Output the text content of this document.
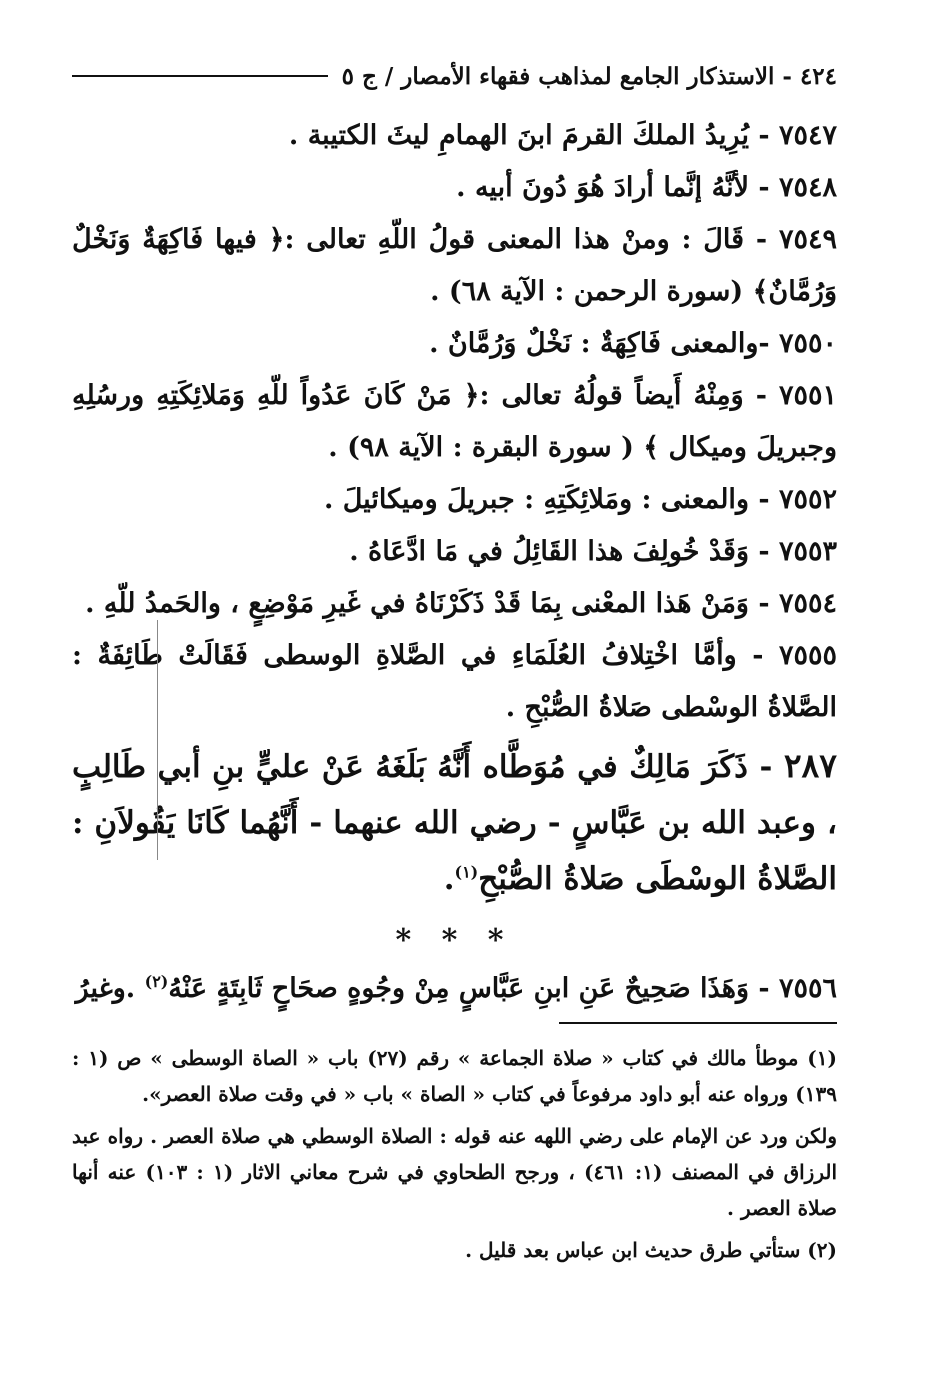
٤٢٤ - الاستذكار الجامع لمذاهب فقهاء الأمصار / ج ٥

٧٥٤٧ - يُرِيدُ الملكَ القرمَ ابنَ الهمامِ ليثَ الكتيبة .

٧٥٤٨ - لأنَّهُ إنَّما أرادَ هُوَ دُونَ أبيه .

٧٥٤٩ - قَالَ : ومنْ هذا المعنى قولُ اللّهِ تعالى :﴿ فيها فَاكِهَةٌ وَنَخْلٌ وَرُمَّانٌ﴾ (سورة الرحمن : الآية ٦٨) .

٧٥٥٠ -والمعنى فَاكِهَةٌ : نَخْلٌ وَرُمَّانٌ .

٧٥٥١ - وَمِنْهُ أَيضاً قولُهُ تعالى :﴿ مَنْ كَانَ عَدُواً للّهِ وَمَلائِكَتِهِ ورسُلِهِ وجبريلَ وميكال ﴾ ( سورة البقرة : الآية ٩٨) .

٧٥٥٢ - والمعنى : ومَلائِكَتِهِ : جبريلَ وميكائيلَ .

٧٥٥٣ - وَقَدْ خُولِفَ هذا القَائِلُ في مَا ادَّعَاهُ .

٧٥٥٤ - وَمَنْ هَذا المعْنى بِمَا قَدْ ذَكَرْنَاهُ في غَيرِ مَوْضِعٍ ، والحَمدُ للّهِ .

٧٥٥٥ - وأمَّا اخْتِلافُ العُلَمَاءِ في الصَّلاةِ الوسطى فَقَالَتْ طَائِفَةٌ : الصَّلاةُ الوسْطى صَلاةُ الصُّبْحِ .

٢٨٧ - ذَكَرَ مَالِكٌ في مُوَطَّاه أَنَّهُ بَلَغَهُ عَنْ عليٍّ بنِ أبي طَالِبٍ ، وعبد الله بن عَبَّاسٍ - رضي الله عنهما - أَنَّهُما كَانَا يَقُولاَنِ : الصَّلاةُ الوسْطَى صَلاةُ الصُّبْحِ$^{(١)}$.

* * *

٧٥٥٦ - وَهَذَا صَحِيحٌ عَنِ ابنِ عَبَّاسٍ مِنْ وجُوهٍ صحَاحٍ ثَابِتَةٍ عَنْهُ$^{(٢)}$ .وغيرُ

(١) موطأ مالك في كتاب « صلاة الجماعة » رقم (٢٧) باب « الصاة الوسطى » ص (١ : ١٣٩) ورواه عنه أبو داود مرفوعاً في كتاب « الصاة » باب « في وقت صلاة العصر».

ولكن ورد عن الإمام على رضي اللهه عنه قوله : الصلاة الوسطي هي صلاة العصر . رواه عبد الرزاق في المصنف (١: ٤٦١) ، ورجح الطحاوي في شرح معاني الاثار (١ : ١٠٣) عنه أنها صلاة العصر .

(٢) ستأتي طرق حديث ابن عباس بعد قليل .
